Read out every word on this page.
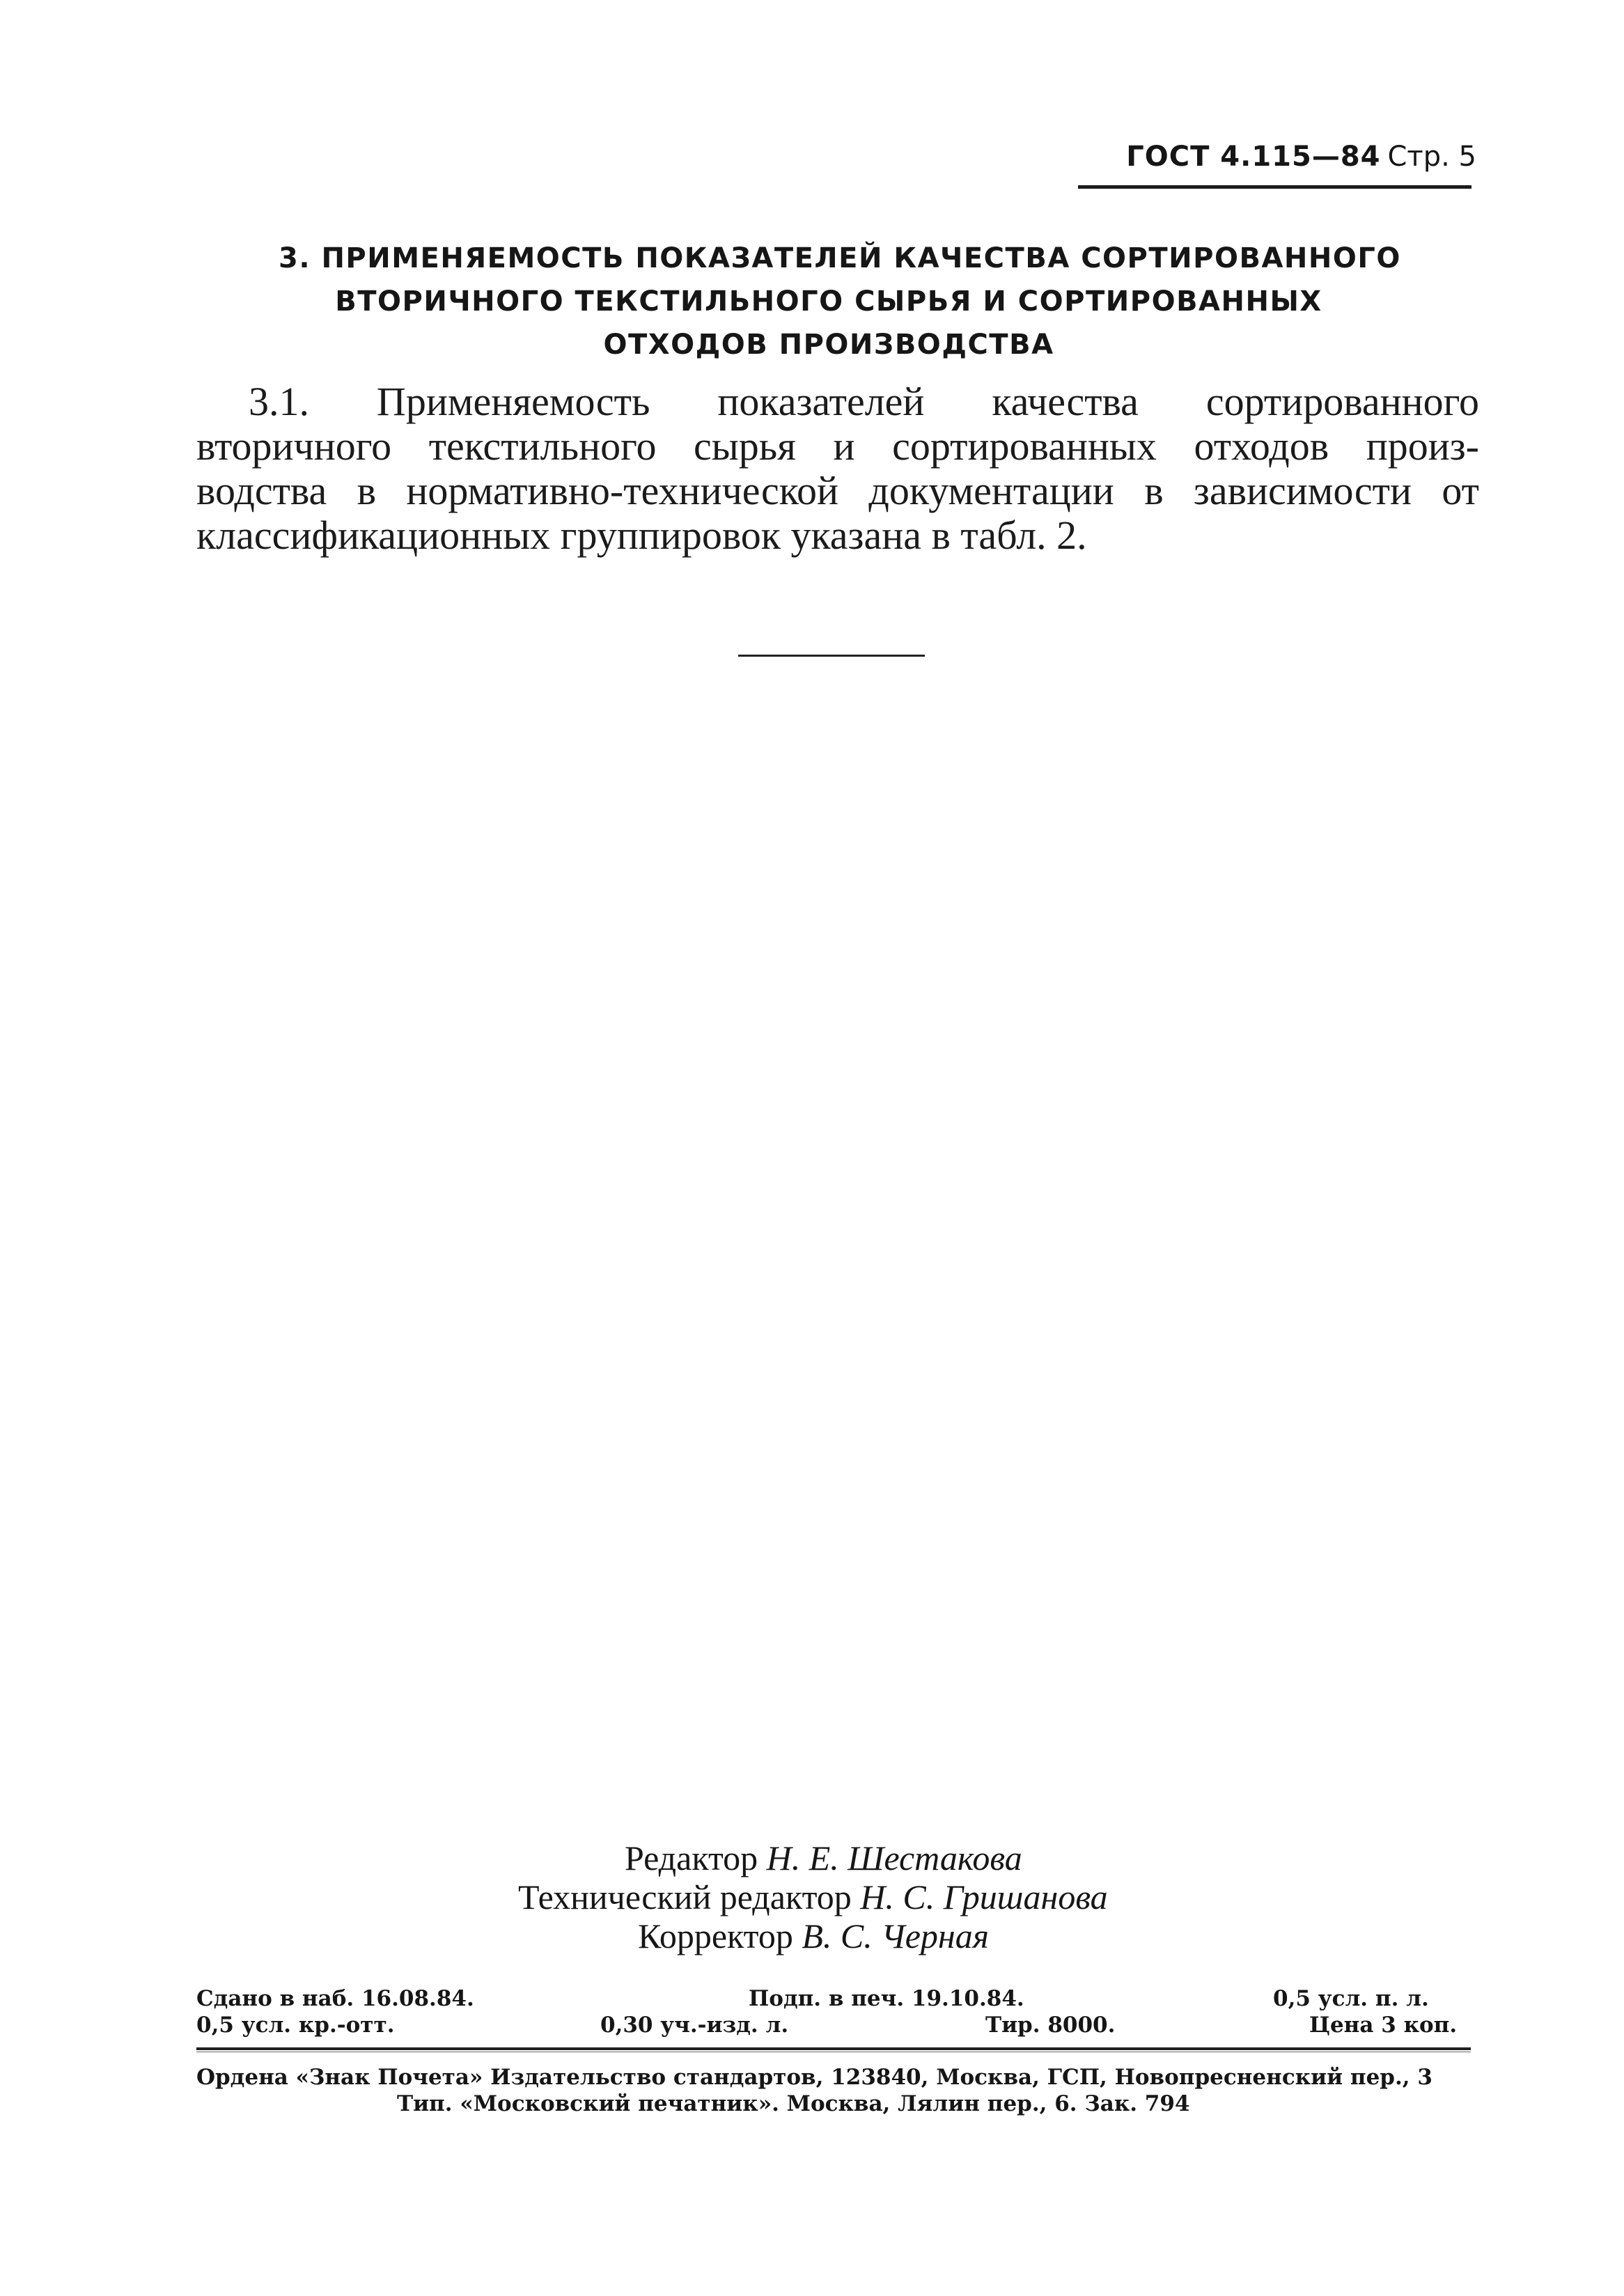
ГОСТ 4.115—84 Стр. 5
3. ПРИМЕНЯЕМОСТЬ ПОКАЗАТЕЛЕЙ КАЧЕСТВА СОРТИРОВАННОГО
ВТОРИЧНОГО ТЕКСТИЛЬНОГО СЫРЬЯ И СОРТИРОВАННЫХ
ОТХОДОВ ПРОИЗВОДСТВА
3.1. Применяемость показателей качества сортированного
вторичного текстильного сырья и сортированных отходов произ-
водства в нормативно-технической документации в зависимости от
классификационных группировок указана в табл. 2.
Редактор Н. Е. Шестакова
Технический редактор Н. С. Гришанова
Корректор В. С. Черная
Сдано в наб. 16.08.84.	Подп. в печ. 19.10.84.	0,5 усл. п. л.
0,5 усл. кр.-отт.	0,30 уч.-изд. л.	Тир. 8000.	Цена 3 коп.
Ордена «Знак Почета» Издательство стандартов, 123840, Москва, ГСП, Новопресненский пер., 3
Тип. «Московский печатник». Москва, Лялин пер., 6. Зак. 794
